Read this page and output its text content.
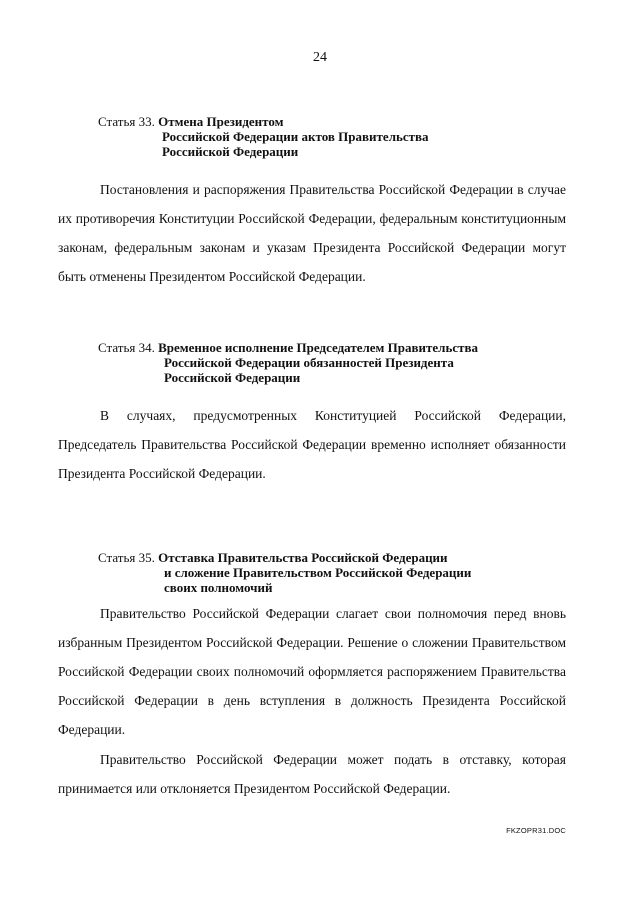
24
Статья 33.
Отмена Президентом
Российской Федерации актов Правительства
Российской Федерации

Постановления и распоряжения Правительства Российской Федерации в случае их противоречия Конституции Российской Федерации, федеральным конституционным законам, федеральным законам и указам Президента Российской Федерации могут быть отменены Президентом Российской Федерации.

Статья 34.
Временное исполнение Председателем Правительства
Российской Федерации обязанностей Президента
Российской Федерации

В случаях, предусмотренных Конституцией Российской Федерации, Председатель Правительства Российской Федерации временно исполняет обязанности Президента Российской Федерации.

Статья 35.
Отставка Правительства Российской Федерации
и сложение Правительством Российской Федерации
своих полномочий

Правительство Российской Федерации слагает свои полномочия перед вновь избранным Президентом Российской Федерации. Решение о сложении Правительством Российской Федерации своих полномочий оформляется распоряжением Правительства Российской Федерации в день вступления в должность Президента Российской Федерации.

Правительство Российской Федерации может подать в отставку, которая принимается или отклоняется Президентом Российской Федерации.

FKZOPR31.DOC
